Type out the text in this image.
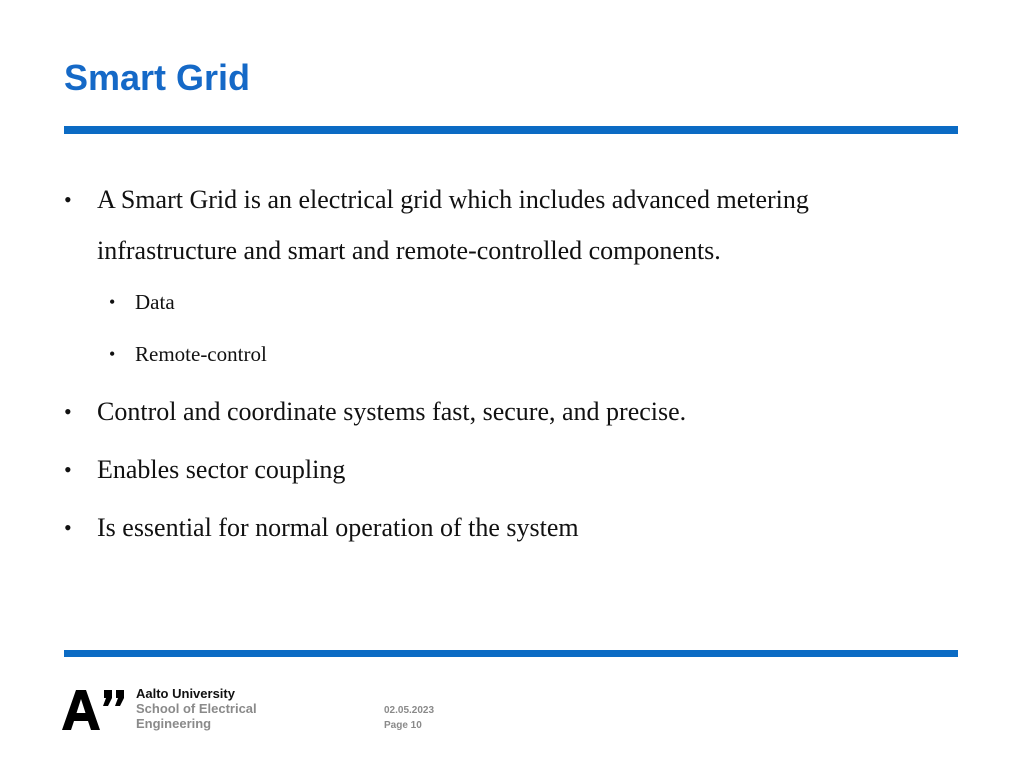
Smart Grid
• A Smart Grid is an electrical grid which includes advanced metering infrastructure and smart and remote-controlled components.
• Data
• Remote-control
• Control and coordinate systems fast, secure, and precise.
• Enables sector coupling
• Is essential for normal operation of the system
Aalto University
School of Electrical
Engineering
02.05.2023
Page 10
